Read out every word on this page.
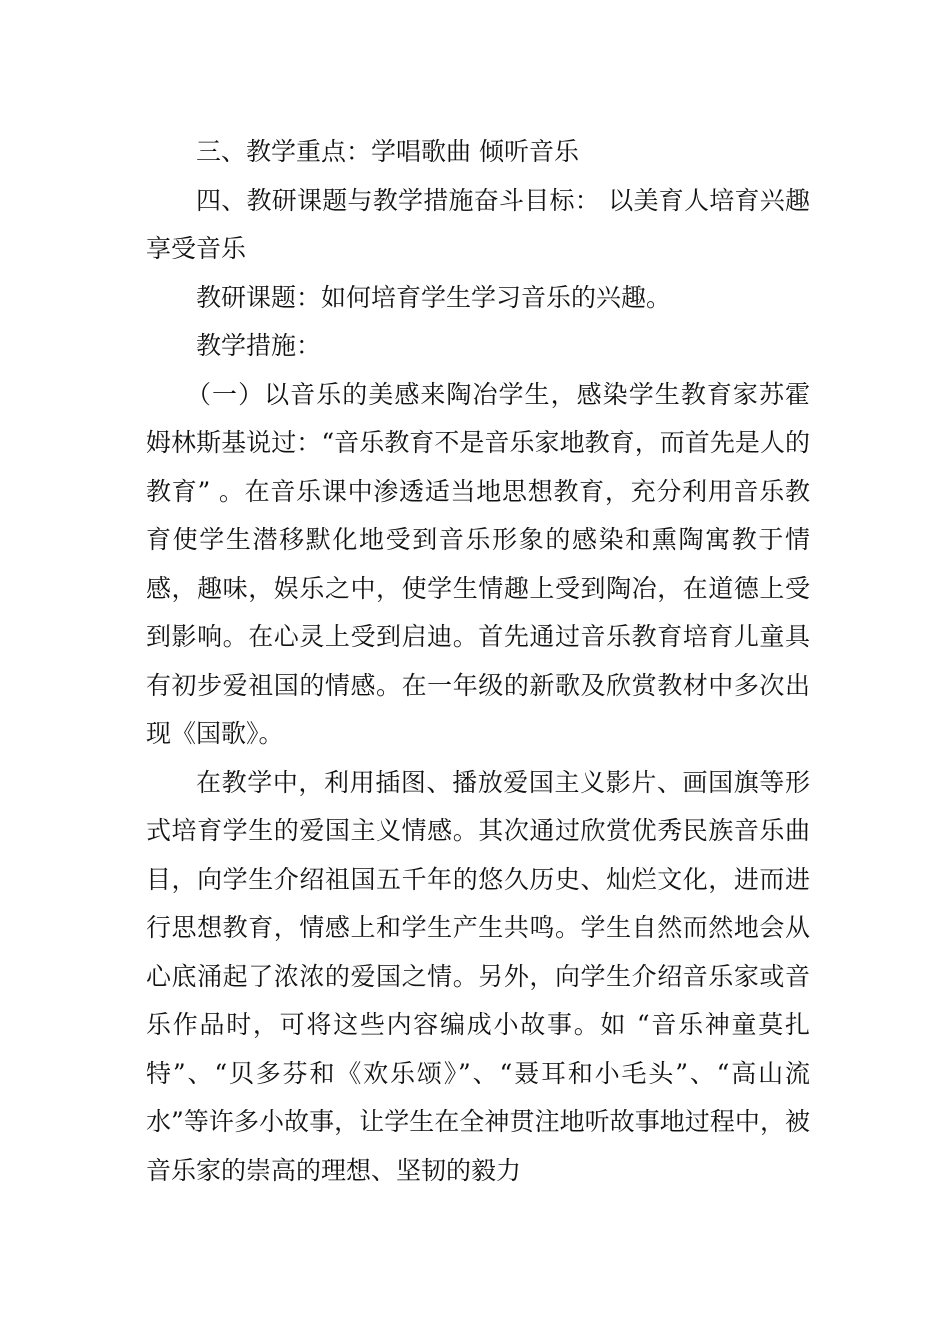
三、教学重点：学唱歌曲 倾听音乐

四、教研课题与教学措施奋斗目标： 以美育人培育兴趣 享受音乐

教研课题：如何培育学生学习音乐的兴趣。

教学措施：

（一）以音乐的美感来陶冶学生，感染学生教育家苏霍姆林斯基说过：“音乐教育不是音乐家地教育，而首先是人的教育” 。在音乐课中渗透适当地思想教育，充分利用音乐教育使学生潜移默化地受到音乐形象的感染和熏陶寓教于情感，趣味，娱乐之中，使学生情趣上受到陶冶，在道德上受到影响。在心灵上受到启迪。首先通过音乐教育培育儿童具有初步爱祖国的情感。在一年级的新歌及欣赏教材中多次出现《国歌》。

在教学中，利用插图、播放爱国主义影片、画国旗等形式培育学生的爱国主义情感。其次通过欣赏优秀民族音乐曲目，向学生介绍祖国五千年的悠久历史、灿烂文化，进而进行思想教育，情感上和学生产生共鸣。学生自然而然地会从心底涌起了浓浓的爱国之情。另外，向学生介绍音乐家或音乐作品时，可将这些内容编成小故事。如 “音乐神童莫扎特”、“贝多芬和《欢乐颂》”、“聂耳和小毛头”、“高山流水”等许多小故事，让学生在全神贯注地听故事地过程中，被音乐家的崇高的理想、坚韧的毅力
